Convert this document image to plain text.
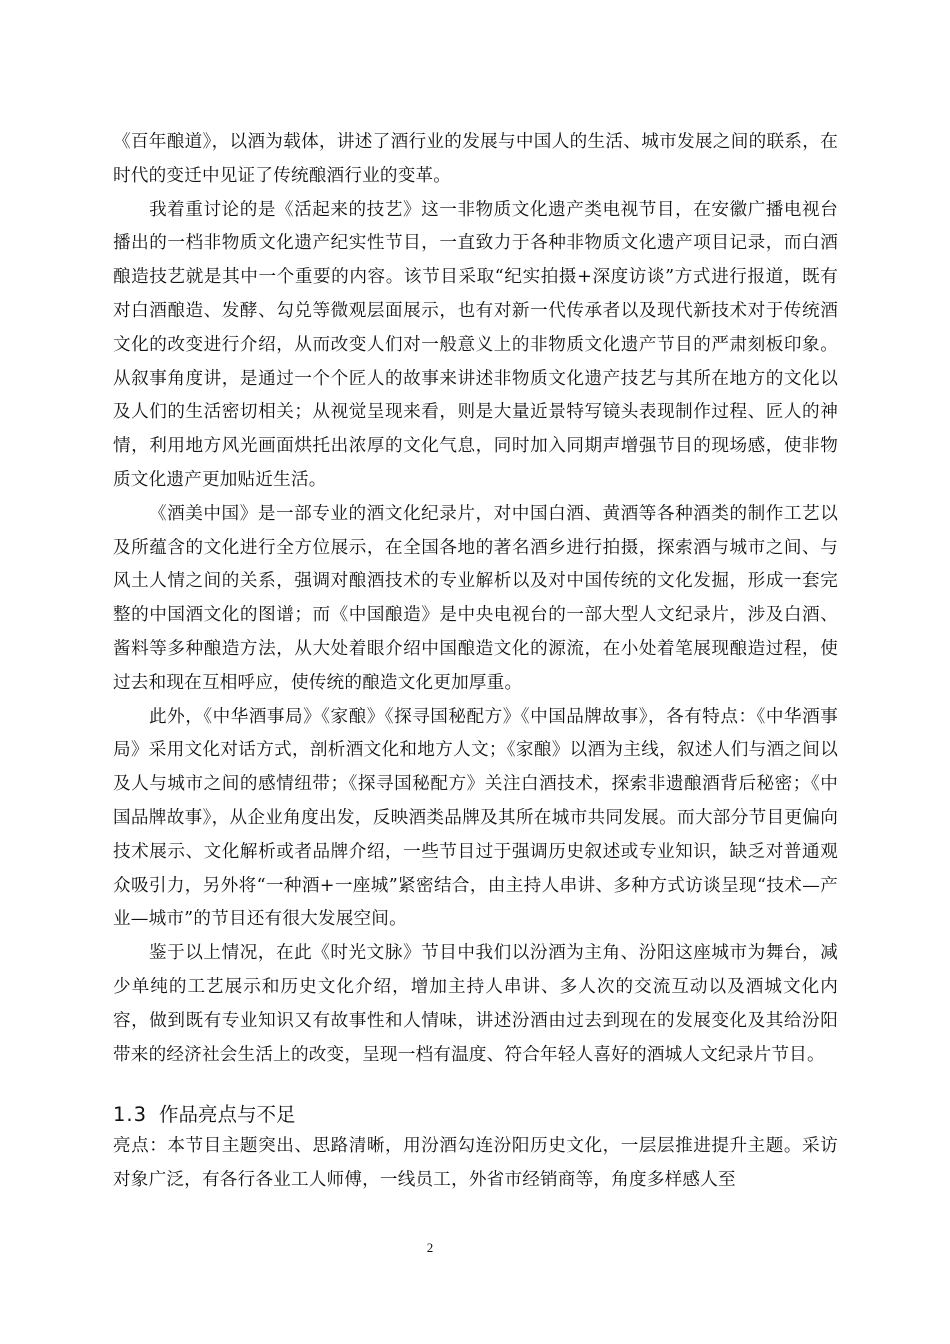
《百年酿道》，以酒为载体，讲述了酒行业的发展与中国人的生活、城市发展之间的联系，在时代的变迁中见证了传统酿酒行业的变革。

我着重讨论的是《活起来的技艺》这一非物质文化遗产类电视节目，在安徽广播电视台播出的一档非物质文化遗产纪实性节目，一直致力于各种非物质文化遗产项目记录，而白酒酿造技艺就是其中一个重要的内容。该节目采取“纪实拍摄+深度访谈”方式进行报道，既有对白酒酿造、发酵、勾兑等微观层面展示，也有对新一代传承者以及现代新技术对于传统酒文化的改变进行介绍，从而改变人们对一般意义上的非物质文化遗产节目的严肃刻板印象。从叙事角度讲，是通过一个个匠人的故事来讲述非物质文化遗产技艺与其所在地方的文化以及人们的生活密切相关；从视觉呈现来看，则是大量近景特写镜头表现制作过程、匠人的神情，利用地方风光画面烘托出浓厚的文化气息，同时加入同期声增强节目的现场感，使非物质文化遗产更加贴近生活。

《酒美中国》是一部专业的酒文化纪录片，对中国白酒、黄酒等各种酒类的制作工艺以及所蕴含的文化进行全方位展示，在全国各地的著名酒乡进行拍摄，探索酒与城市之间、与风土人情之间的关系，强调对酿酒技术的专业解析以及对中国传统的文化发掘，形成一套完整的中国酒文化的图谱；而《中国酿造》是中央电视台的一部大型人文纪录片，涉及白酒、酱料等多种酿造方法，从大处着眼介绍中国酿造文化的源流，在小处着笔展现酿造过程，使过去和现在互相呼应，使传统的酿造文化更加厚重。

此外，《中华酒事局》《家酿》《探寻国秘配方》《中国品牌故事》，各有特点：《中华酒事局》采用文化对话方式，剖析酒文化和地方人文；《家酿》以酒为主线，叙述人们与酒之间以及人与城市之间的感情纽带；《探寻国秘配方》关注白酒技术，探索非遗酿酒背后秘密；《中国品牌故事》，从企业角度出发，反映酒类品牌及其所在城市共同发展。而大部分节目更偏向技术展示、文化解析或者品牌介绍，一些节目过于强调历史叙述或专业知识，缺乏对普通观众吸引力，另外将“一种酒+一座城”紧密结合，由主持人串讲、多种方式访谈呈现“技术—产业—城市”的节目还有很大发展空间。

鉴于以上情况，在此《时光文脉》节目中我们以汾酒为主角、汾阳这座城市为舞台，减少单纯的工艺展示和历史文化介绍，增加主持人串讲、多人次的交流互动以及酒城文化内容，做到既有专业知识又有故事性和人情味，讲述汾酒由过去到现在的发展变化及其给汾阳带来的经济社会生活上的改变，呈现一档有温度、符合年轻人喜好的酒城人文纪录片节目。

1.3 作品亮点与不足

亮点：本节目主题突出、思路清晰，用汾酒勾连汾阳历史文化，一层层推进提升主题。采访对象广泛，有各行各业工人师傅，一线员工，外省市经销商等，角度多样感人至

2
